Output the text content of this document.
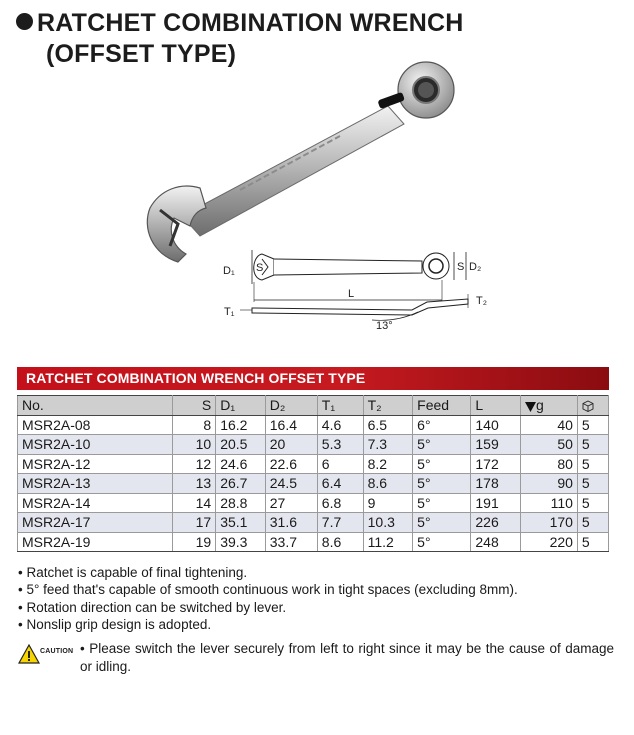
RATCHET COMBINATION WRENCH
(OFFSET TYPE)
D₁ S	S D₂
L
T₂
T₁
13°
RATCHET COMBINATION WRENCH OFFSET TYPE
No.	S	D₁	D₂	T₁	T₂	Feed	L	g	
MSR2A-08	8	16.2	16.4	4.6	6.5	6°	140	40	5
MSR2A-10	10	20.5	20	5.3	7.3	5°	159	50	5
MSR2A-12	12	24.6	22.6	6	8.2	5°	172	80	5
MSR2A-13	13	26.7	24.5	6.4	8.6	5°	178	90	5
MSR2A-14	14	28.8	27	6.8	9	5°	191	110	5
MSR2A-17	17	35.1	31.6	7.7	10.3	5°	226	170	5
MSR2A-19	19	39.3	33.7	8.6	11.2	5°	248	220	5
• Ratchet is capable of final tightening.
• 5° feed that's capable of smooth continuous work in tight spaces (excluding 8mm).
• Rotation direction can be switched by lever.
• Nonslip grip design is adopted.
CAUTION • Please switch the lever securely from left to right since it may be the cause of damage or idling.
